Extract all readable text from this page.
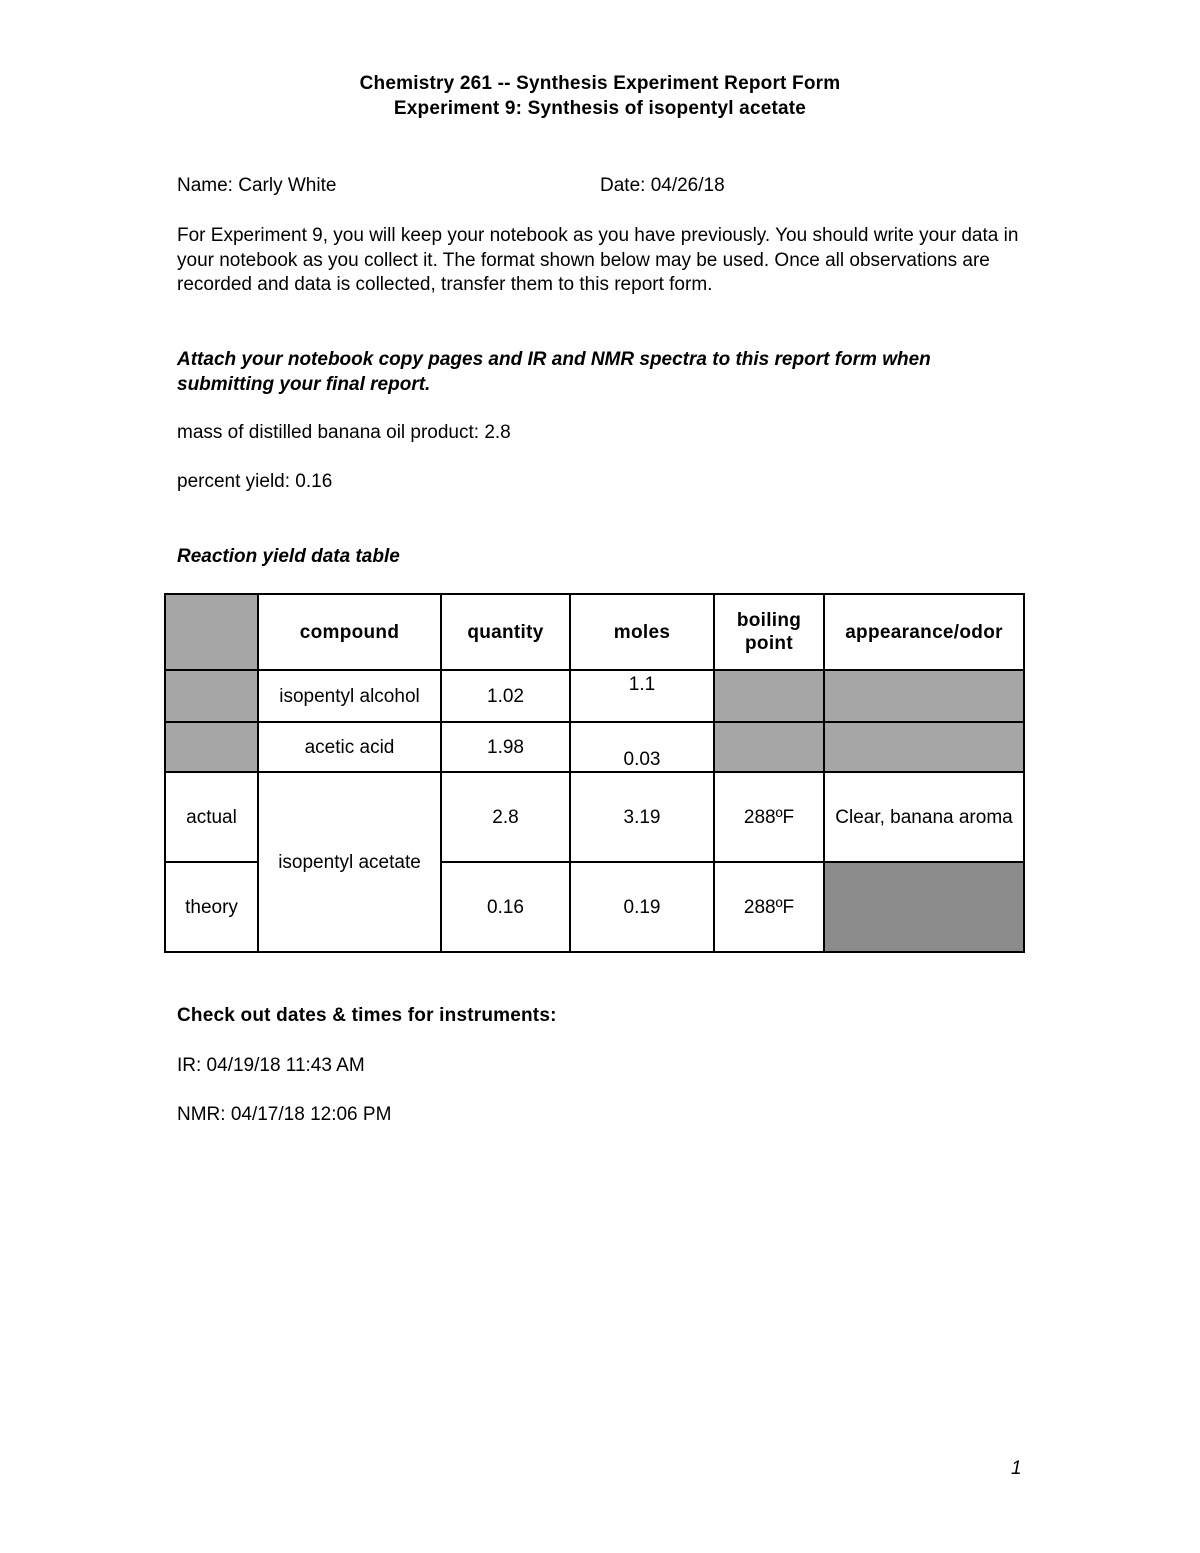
Chemistry 261 -- Synthesis Experiment Report Form
Experiment 9: Synthesis of isopentyl acetate
Name: Carly White	Date: 04/26/18
For Experiment 9, you will keep your notebook as you have previously. You should write your data in your notebook as you collect it. The format shown below may be used. Once all observations are recorded and data is collected, transfer them to this report form.
Attach your notebook copy pages and IR and NMR spectra to this report form when submitting your final report.
mass of distilled banana oil product: 2.8
percent yield: 0.16
Reaction yield data table
	compound	quantity	moles	boiling point	appearance/odor
	isopentyl alcohol	1.02	1.1		
	acetic acid	1.98	0.03		
actual	isopentyl acetate	2.8	3.19	288ºF	Clear, banana aroma
theory		0.16	0.19	288ºF	
Check out dates & times for instruments:
IR: 04/19/18 11:43 AM
NMR: 04/17/18 12:06 PM
1
